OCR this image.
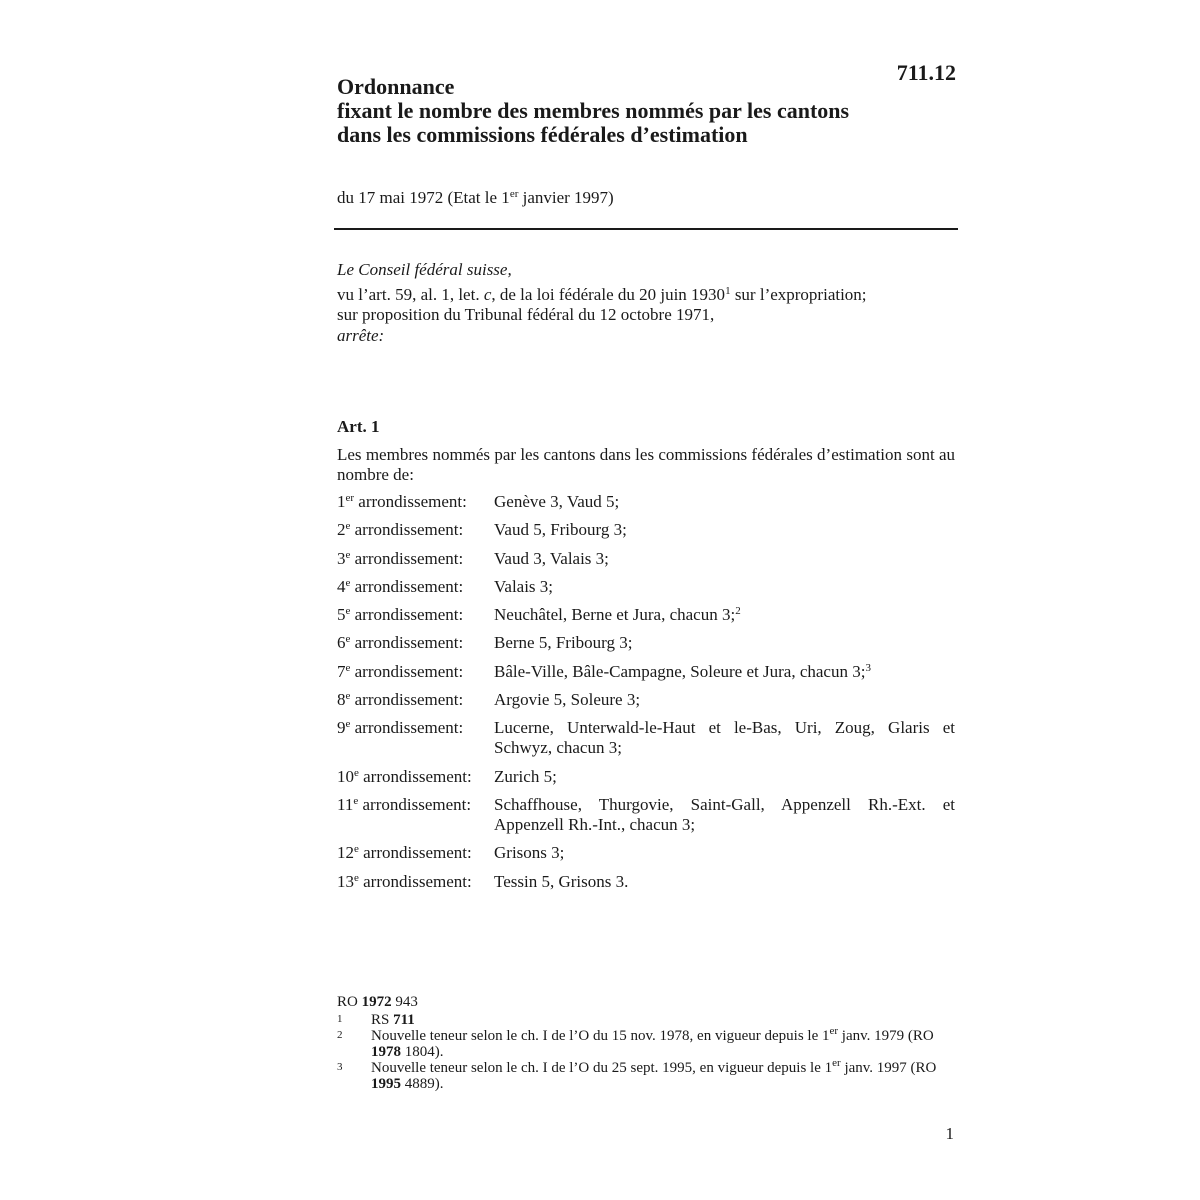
711.12
Ordonnance
fixant le nombre des membres nommés par les cantons
dans les commissions fédérales d’estimation
du 17 mai 1972 (Etat le 1er janvier 1997)

Le Conseil fédéral suisse,

vu l’art. 59, al. 1, let. c, de la loi fédérale du 20 juin 1930$^1$ sur l’expropriation;

sur proposition du Tribunal fédéral du 12 octobre 1971,

arrête:

Art. 1
Les membres nommés par les cantons dans les commissions fédérales d’estimation sont au nombre de:
1er arrondissement:	Genève 3, Vaud 5;
2e arrondissement:	Vaud 5, Fribourg 3;
3e arrondissement:	Vaud 3, Valais 3;
4e arrondissement:	Valais 3;
5e arrondissement:	Neuchâtel, Berne et Jura, chacun 3;$^2$
6e arrondissement:	Berne 5, Fribourg 3;
7e arrondissement:	Bâle-Ville, Bâle-Campagne, Soleure et Jura, chacun 3;$^3$
8e arrondissement:	Argovie 5, Soleure 3;
9e arrondissement:	Lucerne, Unterwald-le-Haut et le-Bas, Uri, Zoug, Glaris et Schwyz, chacun 3;
10e arrondissement:	Zurich 5;
11e arrondissement:	Schaffhouse, Thurgovie, Saint-Gall, Appenzell Rh.-Ext. et Appenzell Rh.-Int., chacun 3;
12e arrondissement:	Grisons 3;
13e arrondissement:	Tessin 5, Grisons 3.
RO 1972 943
1	RS 711
2	Nouvelle teneur selon le ch. I de l’O du 15 nov. 1978, en vigueur depuis le 1er janv. 1979 (RO 1978 1804).
3	Nouvelle teneur selon le ch. I de l’O du 25 sept. 1995, en vigueur depuis le 1er janv. 1997 (RO 1995 4889).
1
